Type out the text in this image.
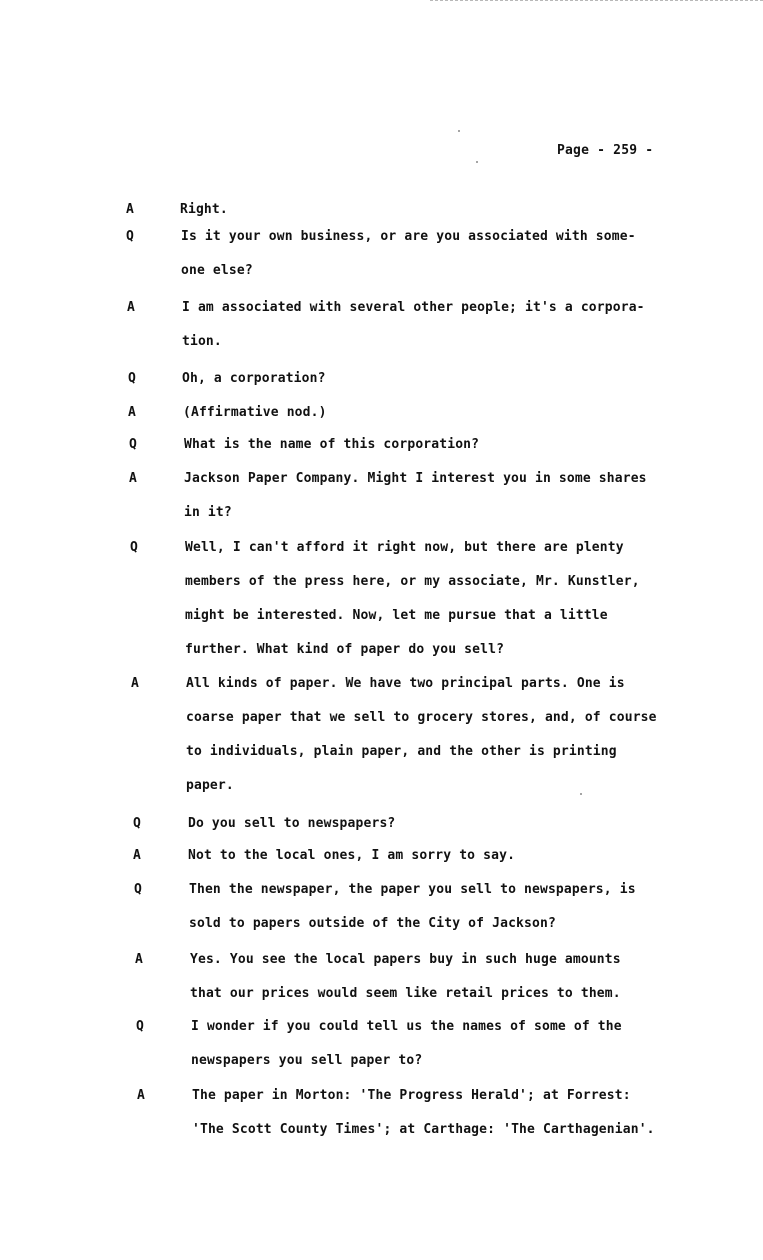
Page - 259 -
A	Right.
Q	Is it your own business, or are you associated with some-
one else?
A	I am associated with several other people; it's a corpora-
tion.
Q	Oh, a corporation?
A	(Affirmative nod.)
Q	What is the name of this corporation?
A	Jackson Paper Company. Might I interest you in some shares
in it?
Q	Well, I can't afford it right now, but there are plenty
members of the press here, or my associate, Mr. Kunstler,
might be interested. Now, let me pursue that a little
further. What kind of paper do you sell?
A	All kinds of paper. We have two principal parts. One is
coarse paper that we sell to grocery stores, and, of course
to individuals, plain paper, and the other is printing
paper.
Q	Do you sell to newspapers?
A	Not to the local ones, I am sorry to say.
Q	Then the newspaper, the paper you sell to newspapers, is
sold to papers outside of the City of Jackson?
A	Yes. You see the local papers buy in such huge amounts
that our prices would seem like retail prices to them.
Q	I wonder if you could tell us the names of some of the
newspapers you sell paper to?
A	The paper in Morton: 'The Progress Herald'; at Forrest:
'The Scott County Times'; at Carthage: 'The Carthagenian'.
